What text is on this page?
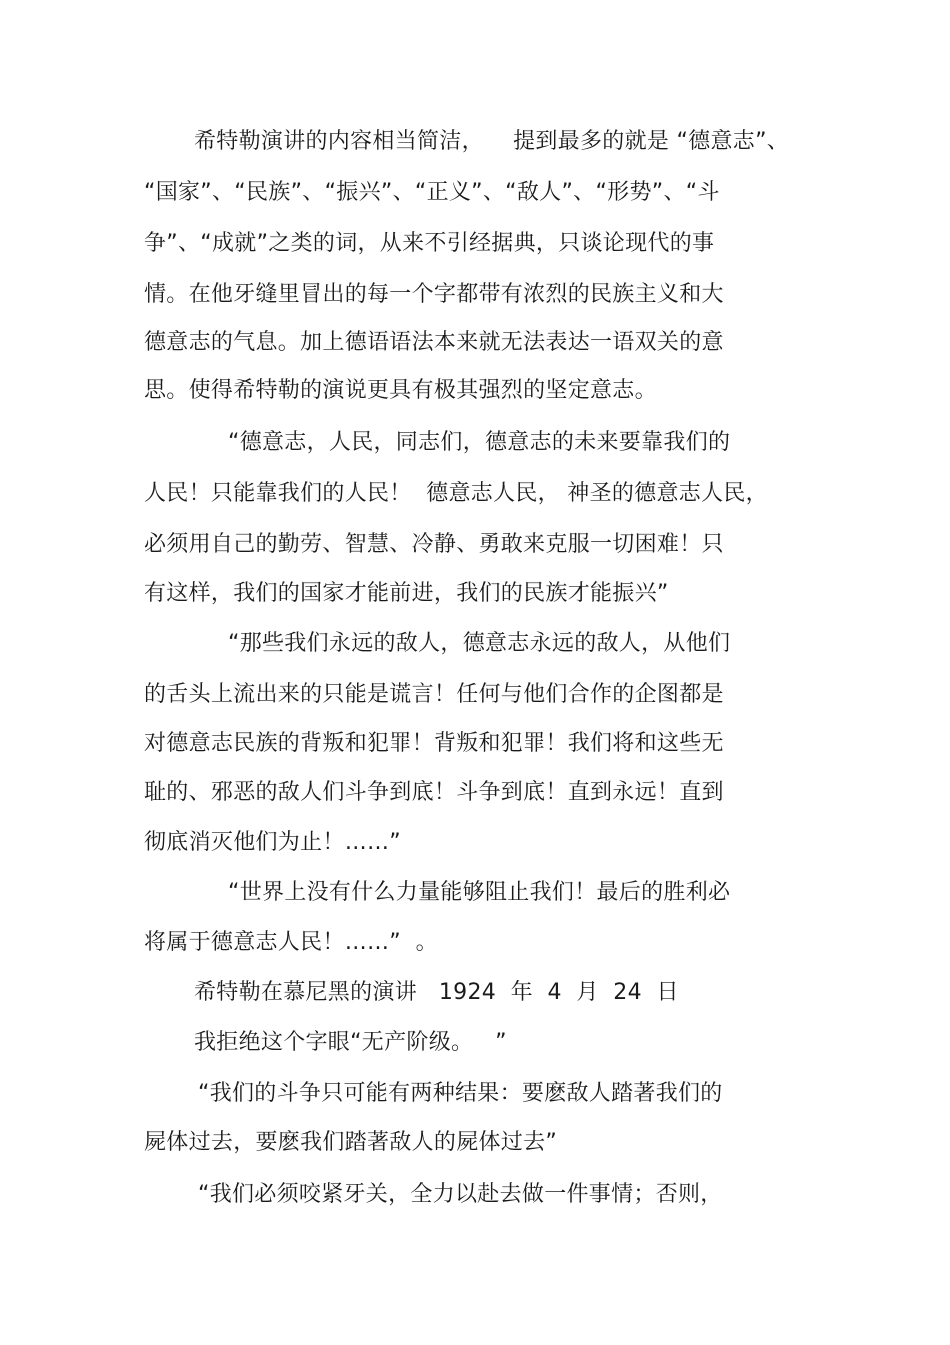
希特勒演讲的内容相当简洁，    提到最多的就是 “德意志”、
“国家”、“民族”、“振兴”、“正义”、“敌人”、“形势”、“斗
争”、“成就”之类的词，从来不引经据典，只谈论现代的事
情。在他牙缝里冒出的每一个字都带有浓烈的民族主义和大
德意志的气息。加上德语语法本来就无法表达一语双关的意
思。使得希特勒的演说更具有极其强烈的坚定意志。
“德意志，人民，同志们，德意志的未来要靠我们的
人民！只能靠我们的人民！  德意志人民， 神圣的德意志人民，
必须用自己的勤劳、智慧、冷静、勇敢来克服一切困难！只
有这样，我们的国家才能前进，我们的民族才能振兴”
“那些我们永远的敌人，德意志永远的敌人，从他们
的舌头上流出来的只能是谎言！任何与他们合作的企图都是
对德意志民族的背叛和犯罪！背叛和犯罪！我们将和这些无
耻的、邪恶的敌人们斗争到底！斗争到底！直到永远！直到
彻底消灭他们为止！……”
“世界上没有什么力量能够阻止我们！最后的胜利必
将属于德意志人民！……”  。
希特勒在慕尼黑的演讲   1924  年  4  月  24  日
我拒绝这个字眼“无产阶级。   ”
“我们的斗争只可能有两种结果：要麽敌人踏著我们的
屍体过去，要麽我们踏著敌人的屍体过去”
“我们必须咬紧牙关，全力以赴去做一件事情；否则，
